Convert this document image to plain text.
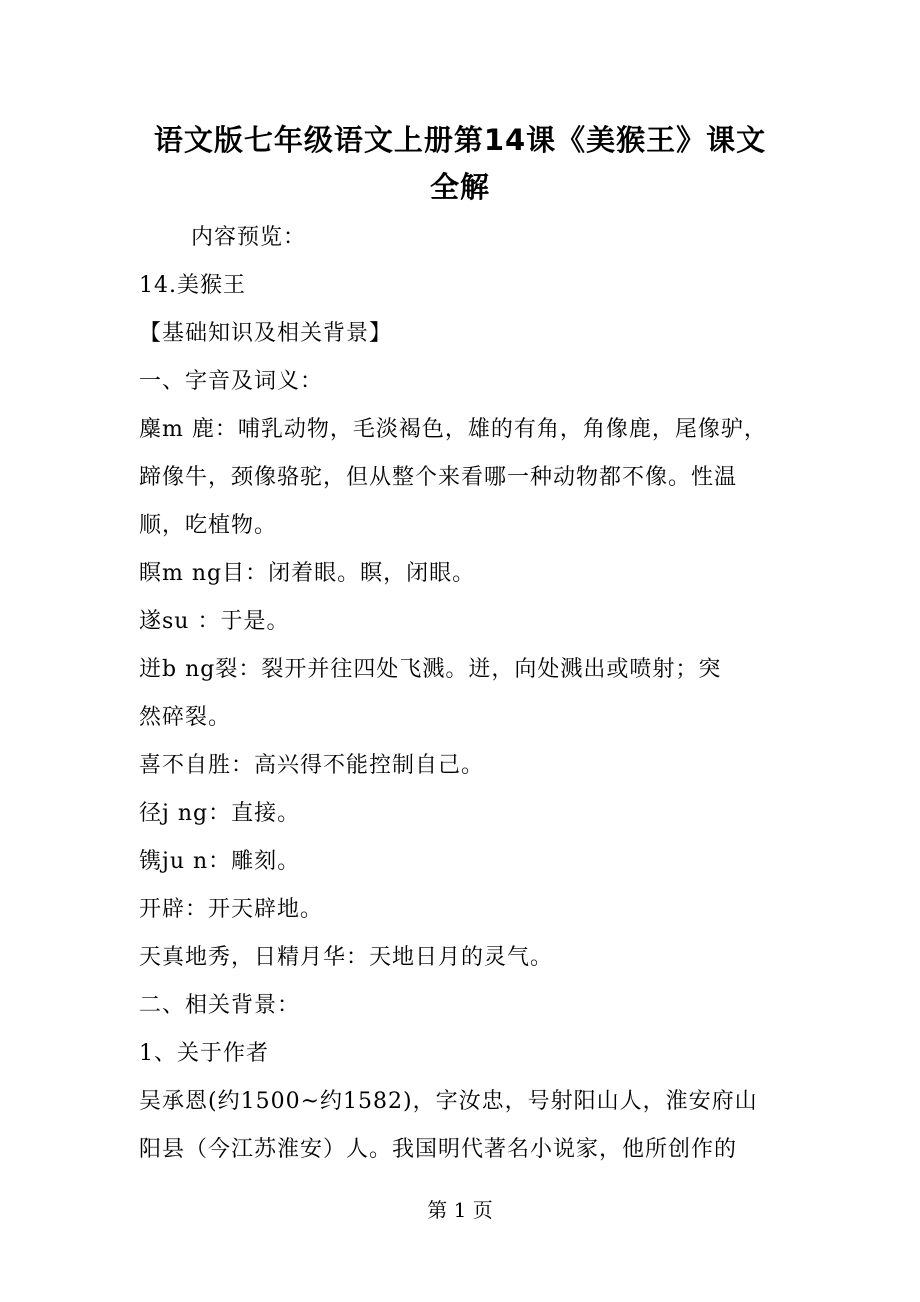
语文版七年级语文上册第14课《美猴王》课文
全解
内容预览：
14.美猴王
【基础知识及相关背景】
一、字音及词义：
麋m 鹿：哺乳动物，毛淡褐色，雄的有角，角像鹿，尾像驴，
蹄像牛，颈像骆驼，但从整个来看哪一种动物都不像。性温
顺，吃植物。
瞑m ng目：闭着眼。瞑，闭眼。
遂su ：于是。
迸b ng裂：裂开并往四处飞溅。迸，向处溅出或喷射；突
然碎裂。
喜不自胜：高兴得不能控制自己。
径j ng：直接。
镌ju n：雕刻。
开辟：开天辟地。
天真地秀，日精月华：天地日月的灵气。
二、相关背景：
1、关于作者
吴承恩(约1500~约1582)，字汝忠，号射阳山人，淮安府山
阳县（今江苏淮安）人。我国明代著名小说家，他所创作的
第 1 页
